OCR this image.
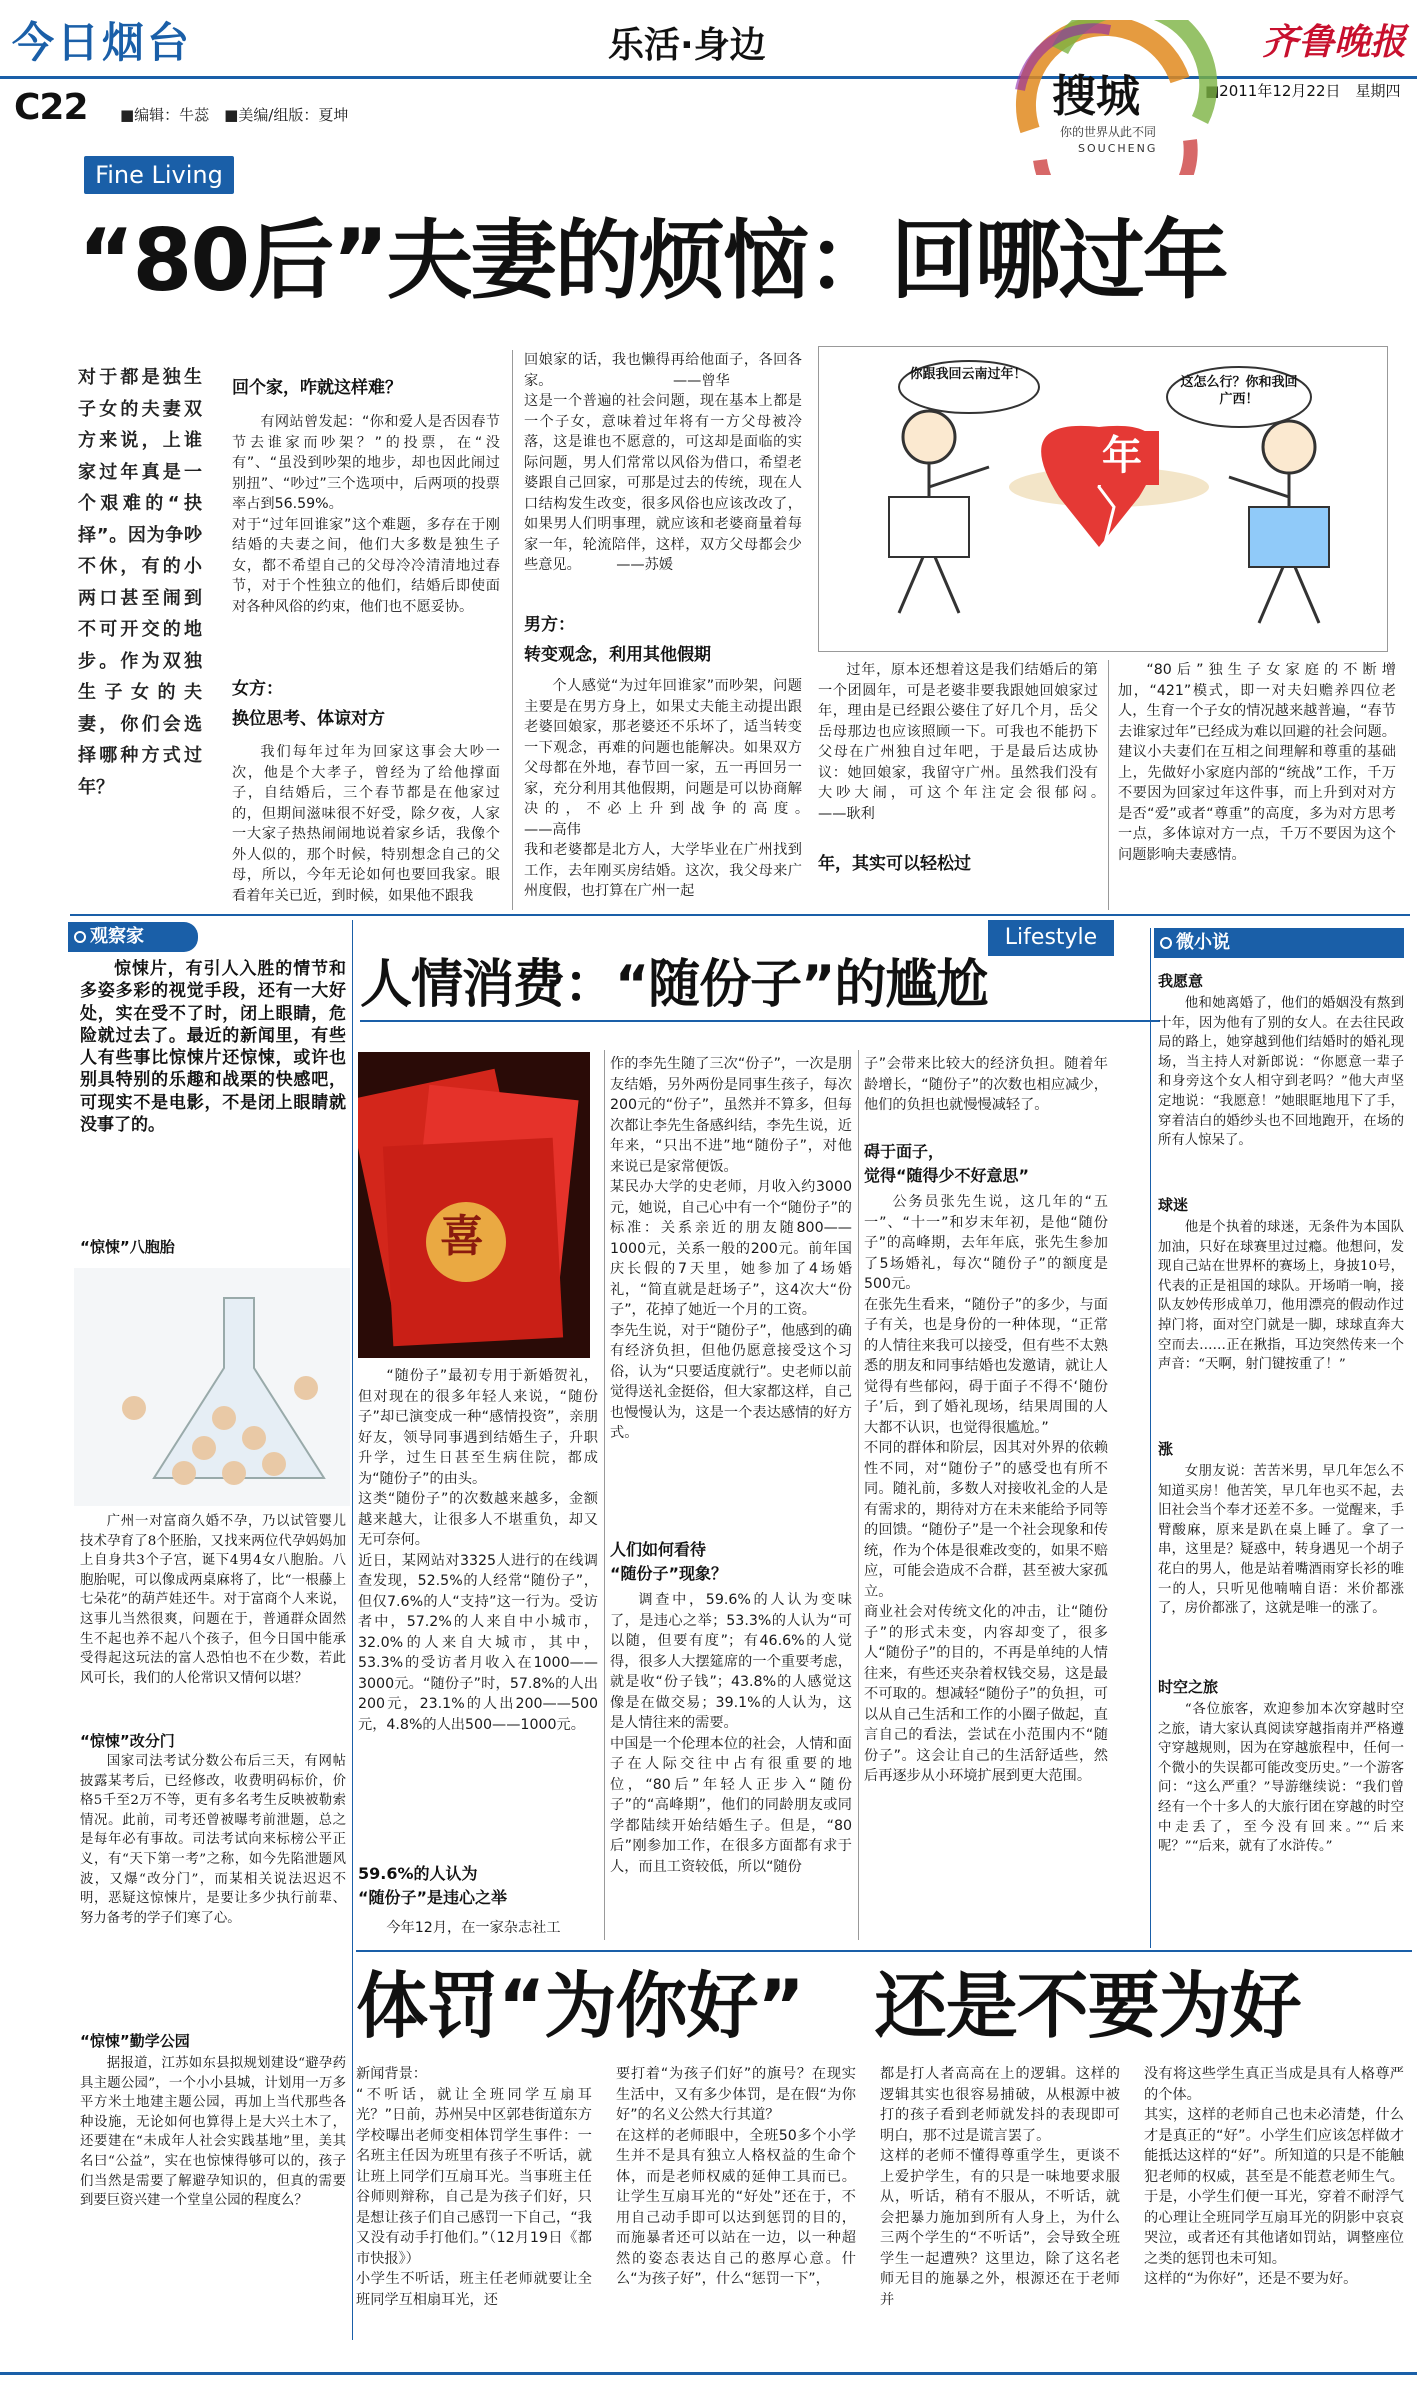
今日烟台	乐活·身边	齐鲁晚报
■2011年12月22日　星期四
C22 ■编辑：牛蕊　■美编/组版：夏坤	搜城
你的世界从此不同
SOUCHENG
Fine Living
“80后”夫妻的烦恼：回哪过年
对于都是独生子女的夫妻双方来说，上谁家过年真是一个艰难的“抉择”。因为争吵不休，有的小两口甚至闹到不可开交的地步。作为双独生子女的夫妻，你们会选择哪种方式过年？
回个家，咋就这样难？
有网站曾发起：“你和爱人是否因春节节去谁家而吵架？”的投票，在“没有”、“虽没到吵架的地步，却也因此闹过别扭”、“吵过”三个选项中，后两项的投票率占到56.59%。
对于“过年回谁家”这个难题，多存在于刚结婚的夫妻之间，他们大多数是独生子女，都不希望自己的父母冷冷清清地过春节，对于个性独立的他们，结婚后即使面对各种风俗的约束，他们也不愿妥协。
女方：
换位思考、体谅对方
我们每年过年为回家这事会大吵一次，他是个大孝子，曾经为了给他撑面子，自结婚后，三个春节都是在他家过的，但期间滋味很不好受，除夕夜，人家一大家子热热闹闹地说着家乡话，我像个外人似的，那个时候，特别想念自己的父母，所以，今年无论如何也要回我家。眼看着年关已近，到时候，如果他不跟我
回娘家的话，我也懒得再给他面子，各回各家。　　　　　　　　　——曾华
这是一个普遍的社会问题，现在基本上都是一个子女，意味着过年将有一方父母被冷落，这是谁也不愿意的，可这却是面临的实际问题，男人们常常以风俗为借口，希望老婆跟自己回家，可那是过去的传统，现在人口结构发生改变，很多风俗也应该改改了，如果男人们明事理，就应该和老婆商量着每家一年，轮流陪伴，这样，双方父母都会少些意见。　　　——苏媛
男方：
转变观念，利用其他假期
个人感觉“为过年回谁家”而吵架，问题主要是在男方身上，如果丈夫能主动提出跟老婆回娘家，那老婆还不乐坏了，适当转变一下观念，再难的问题也能解决。如果双方父母都在外地，春节回一家，五一再回另一家，充分利用其他假期，问题是可以协商解决的，不必上升到战争的高度。　　　　　　　——高伟
我和老婆都是北方人，大学毕业在广州找到工作，去年刚买房结婚。这次，我父母来广州度假，也打算在广州一起
你跟我回云南过年！
这怎么行？你和我回广西！
年
过年，原本还想着这是我们结婚后的第一个团圆年，可是老婆非要我跟她回娘家过年，理由是已经跟公婆住了好几个月，岳父岳母那边也应该照顾一下。可我也不能扔下父母在广州独自过年吧，于是最后达成协议：她回娘家，我留守广州。虽然我们没有大吵大闹，可这个年注定会很郁闷。　　　　　　——耿利
年，其实可以轻松过
“80后”独生子女家庭的不断增加，“421”模式，即一对夫妇赡养四位老人，生育一个子女的情况越来越普遍，“春节去谁家过年”已经成为难以回避的社会问题。建议小夫妻们在互相之间理解和尊重的基础上，先做好小家庭内部的“统战”工作，千万不要因为回家过年这件事，而上升到对对方是否“爱”或者“尊重”的高度，多为对方思考一点，多体谅对方一点，千万不要因为这个问题影响夫妻感情。
观察家
惊悚片，有引人入胜的情节和多姿多彩的视觉手段，还有一大好处，实在受不了时，闭上眼睛，危险就过去了。最近的新闻里，有些人有些事比惊悚片还惊悚，或许也别具特别的乐趣和战栗的快感吧，可现实不是电影，不是闭上眼睛就没事了的。
“惊悚”八胞胎
广州一对富商久婚不孕，乃以试管婴儿技术孕育了8个胚胎，又找来两位代孕妈妈加上自身共3个子宫，诞下4男4女八胞胎。八胞胎呢，可以像成两桌麻将了，比“一根藤上七朵花”的葫芦娃还牛。对于富商个人来说，这事儿当然很爽，问题在于，普通群众固然生不起也养不起八个孩子，但今日国中能承受得起这玩法的富人恐怕也不在少数，若此风可长，我们的人伦常识又情何以堪？
“惊悚”改分门
国家司法考试分数公布后三天，有网帖披露某考后，已经修改，收费明码标价，价格5千至2万不等，更有多名考生反映被勒索情况。此前，司考还曾被曝考前泄题，总之是每年必有事故。司法考试向来标榜公平正义，有“天下第一考”之称，如今先陷泄题风波，又爆“改分门”，而某相关说法迟迟不明，恶疑这惊悚片，是要让多少执行前辈、努力备考的学子们寒了心。
“惊悚”勤学公园
据报道，江苏如东县拟规划建设“避孕药具主题公园”，一个小小县城，计划用一万多平方米土地建主题公园，再加上当代那些各种设施，无论如何也算得上是大兴土木了，还要建在“未成年人社会实践基地”里，美其名曰“公益”，实在也惊悚得够可以的，孩子们当然是需要了解避孕知识的，但真的需要到要巨资兴建一个堂皇公园的程度么？
Lifestyle
人情消费：“随份子”的尴尬
喜
“随份子”最初专用于新婚贺礼，但对现在的很多年轻人来说，“随份子”却已演变成一种“感情投资”，亲朋好友，领导同事遇到结婚生子，升职升学，过生日甚至生病住院，都成为“随份子”的由头。
这类“随份子”的次数越来越多，金额越来越大，让很多人不堪重负，却又无可奈何。
近日，某网站对3325人进行的在线调查发现，52.5%的人经常“随份子”，但仅7.6%的人“支持”这一行为。受访者中，57.2%的人来自中小城市，32.0%的人来自大城市，其中，53.3%的受访者月收入在1000——3000元。“随份子”时，57.8%的人出200元，23.1%的人出200——500元，4.8%的人出500——1000元。
59.6%的人认为
“随份子”是违心之举
今年12月，在一家杂志社工
作的李先生随了三次“份子”，一次是朋友结婚，另外两份是同事生孩子，每次200元的“份子”，虽然并不算多，但每次都让李先生备感纠结，李先生说，近年来，“只出不进”地“随份子”，对他来说已是家常便饭。
某民办大学的史老师，月收入约3000元，她说，自己心中有一个“随份子”的标准：关系亲近的朋友随800——1000元，关系一般的200元。前年国庆长假的7天里，她参加了4场婚礼，“简直就是赶场子”，这4次大“份子”，花掉了她近一个月的工资。
李先生说，对于“随份子”，他感到的确有经济负担，但他仍愿意接受这个习俗，认为“只要适度就行”。史老师以前觉得送礼金挺俗，但大家都这样，自己也慢慢认为，这是一个表达感情的好方式。
人们如何看待
“随份子”现象？
调查中，59.6%的人认为变味了，是违心之举；53.3%的人认为“可以随，但要有度”；有46.6%的人觉得，很多人大摆筵席的一个重要考虑，就是收“份子钱”；43.8%的人感觉这像是在做交易；39.1%的人认为，这是人情往来的需要。
中国是一个伦理本位的社会，人情和面子在人际交往中占有很重要的地位，“80后”年轻人正步入“随份子”的“高峰期”，他们的同龄朋友或同学都陆续开始结婚生子。但是，“80后”刚参加工作，在很多方面都有求于人，而且工资较低，所以“随份
子”会带来比较大的经济负担。随着年龄增长，“随份子”的次数也相应减少，他们的负担也就慢慢减轻了。
碍于面子，
觉得“随得少不好意思”
公务员张先生说，这几年的“五一”、“十一”和岁末年初，是他“随份子”的高峰期，去年年底，张先生参加了5场婚礼，每次“随份子”的额度是500元。
在张先生看来，“随份子”的多少，与面子有关，也是身份的一种体现，“正常的人情往来我可以接受，但有些不太熟悉的朋友和同事结婚也发邀请，就让人觉得有些郁闷，碍于面子不得不‘随份子’后，到了婚礼现场，结果周围的人大都不认识，也觉得很尴尬。”
不同的群体和阶层，因其对外界的依赖性不同，对“随份子”的感受也有所不同。随礼前，多数人对接收礼金的人是有需求的，期待对方在未来能给予同等的回馈。“随份子”是一个社会现象和传统，作为个体是很难改变的，如果不赔应，可能会造成不合群，甚至被大家孤立。
商业社会对传统文化的冲击，让“随份子”的形式未变，内容却变了，很多人“随份子”的目的，不再是单纯的人情往来，有些还夹杂着权钱交易，这是最不可取的。想减轻“随份子”的负担，可以从自己生活和工作的小圈子做起，直言自己的看法，尝试在小范围内不“随份子”。这会让自己的生活舒适些，然后再逐步从小环境扩展到更大范围。
微小说
我愿意
他和她离婚了，他们的婚姻没有熬到十年，因为他有了别的女人。在去往民政局的路上，她穿越到他们结婚时的婚礼现场，当主持人对新郎说：“你愿意一辈子和身旁这个女人相守到老吗？”他大声坚定地说：“我愿意！”她眼眶地甩下了手，穿着洁白的婚纱头也不回地跑开，在场的所有人惊呆了。
球迷
他是个执着的球迷，无条件为本国队加油，只好在球赛里过过瘾。他想问，发现自己站在世界杯的赛场上，身披10号，代表的正是祖国的球队。开场哨一响，接队友妙传形成单刀，他用漂亮的假动作过掉门将，面对空门就是一脚，球球直奔大空而去……正在揪指，耳边突然传来一个声音：“天啊，射门键按重了！”
涨
女朋友说：苦苦米男，早几年怎么不知道买房！他苦笑，早几年也买不起，去旧社会当个奉才还差不多。一觉醒来，手臂酸麻，原来是趴在桌上睡了。拿了一串，这里是？疑惑中，转身遇见一个胡子花白的男人，他是站着嘴酒雨穿长衫的唯一的人，只听见他喃喃自语：米价都涨了，房价都涨了，这就是唯一的涨了。
时空之旅
“各位旅客，欢迎参加本次穿越时空之旅，请大家认真阅读穿越指南并严格遵守穿越规则，因为在穿越旅程中，任何一个微小的失误都可能改变历史。”一个游客问：“这么严重？”导游继续说：“我们曾经有一个十多人的大旅行团在穿越的时空中走丢了，至今没有回来。”“后来呢？”“后来，就有了水浒传。”
体罚“为你好”　还是不要为好
新闻背景：
“不听话，就让全班同学互扇耳光？”日前，苏州吴中区郭巷街道东方学校曝出老师变相体罚学生事件：一名班主任因为班里有孩子不听话，就让班上同学们互扇耳光。当事班主任谷师则辩称，自己是为孩子们好，只是想让孩子们自己感罚一下自己，“我又没有动手打他们。”（12月19日《都市快报》）
小学生不听话，班主任老师就要让全班同学互相扇耳光，还
要打着“为孩子们好”的旗号？在现实生活中，又有多少体罚，是在假“为你好”的名义公然大行其道？
在这样的老师眼中，全班50多个小学生并不是具有独立人格权益的生命个体，而是老师权威的延伸工具而已。让学生互扇耳光的“好处”还在于，不用自己动手即可以达到惩罚的目的，而施暴者还可以站在一边，以一种超然的姿态表达自己的憨厚心意。什么“为孩子好”，什么“惩罚一下”，
都是打人者高高在上的逻辑。这样的逻辑其实也很容易捕破，从根源中被打的孩子看到老师就发抖的表现即可明白，那不过是谎言罢了。
这样的老师不懂得尊重学生，更谈不上爱护学生，有的只是一味地要求服从，听话，稍有不服从，不听话，就会把暴力施加到所有人身上，为什么三两个学生的“不听话”，会导致全班学生一起遭殃？这里边，除了这名老师无目的施暴之外，根源还在于老师并
没有将这些学生真正当成是具有人格尊严的个体。
其实，这样的老师自己也未必清楚，什么才是真正的“好”。小学生们应该怎样做才能抵达这样的“好”。所知道的只是不能触犯老师的权威，甚至是不能惹老师生气。于是，小学生们便一耳光，穿着不耐浮气的心理让全班同学互扇耳光的阴影中哀哀哭泣，或者还有其他诸如罚站，调整座位之类的惩罚也未可知。
这样的“为你好”，还是不要为好。
